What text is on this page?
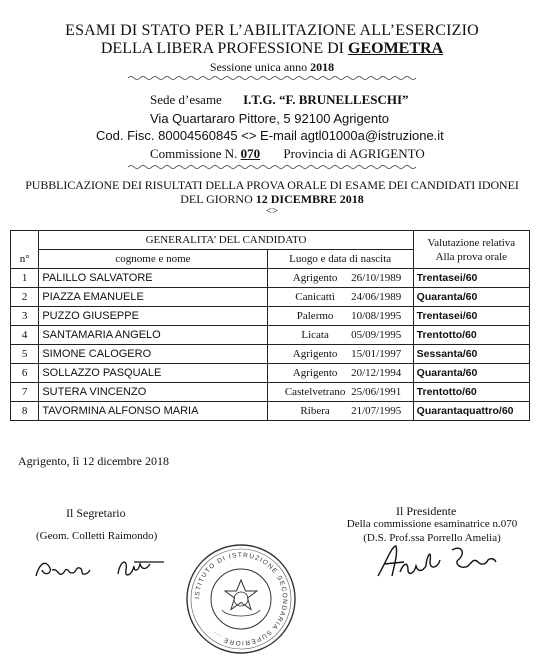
ESAMI DI STATO PER L’ABILITAZIONE ALL’ESERCIZIO
DELLA LIBERA PROFESSIONE DI GEOMETRA
Sessione unica anno 2018
Sede d’esame I.T.G. “F. BRUNELLESCHI”
Via Quartararo Pittore, 5 92100 Agrigento
Cod. Fisc. 80004560845 <> E-mail agtl01000a@istruzione.it
Commissione N. 070 Provincia di AGRIGENTO
PUBBLICAZIONE DEI RISULTATI DELLA PROVA ORALE DI ESAME DEI CANDIDATI IDONEI
DEL GIORNO 12 DICEMBRE 2018
<>
	GENERALITA’ DEL CANDIDATO		Valutazione relativa
Alla prova orale

n°	cognome e nome	Luogo e data di nascita	
1	PALILLO SALVATORE	Agrigento 26/10/1989	Trentasei/60
2	PIAZZA EMANUELE	Canicattì 24/06/1989	Quaranta/60
3	PUZZO GIUSEPPE	Palermo 10/08/1995	Trentasei/60
4	SANTAMARIA ANGELO	Licata 05/09/1995	Trentotto/60
5	SIMONE CALOGERO	Agrigento 15/01/1997	Sessanta/60
6	SOLLAZZO PASQUALE	Agrigento 20/12/1994	Quaranta/60
7	SUTERA VINCENZO	Castelvetrano 25/06/1991	Trentotto/60
8	TAVORMINA ALFONSO MARIA	Ribera 21/07/1995	Quarantaquattro/60
Agrigento, lì 12 dicembre 2018
Il Segretario
(Geom. Colletti Raimondo)
Il Presidente
Della commissione esaminatrice n.070
(D.S. Prof.ssa Porrello Amelia)
ISTITUTO DI ISTRUZIONE SECONDARIA SUPERIORE ...
